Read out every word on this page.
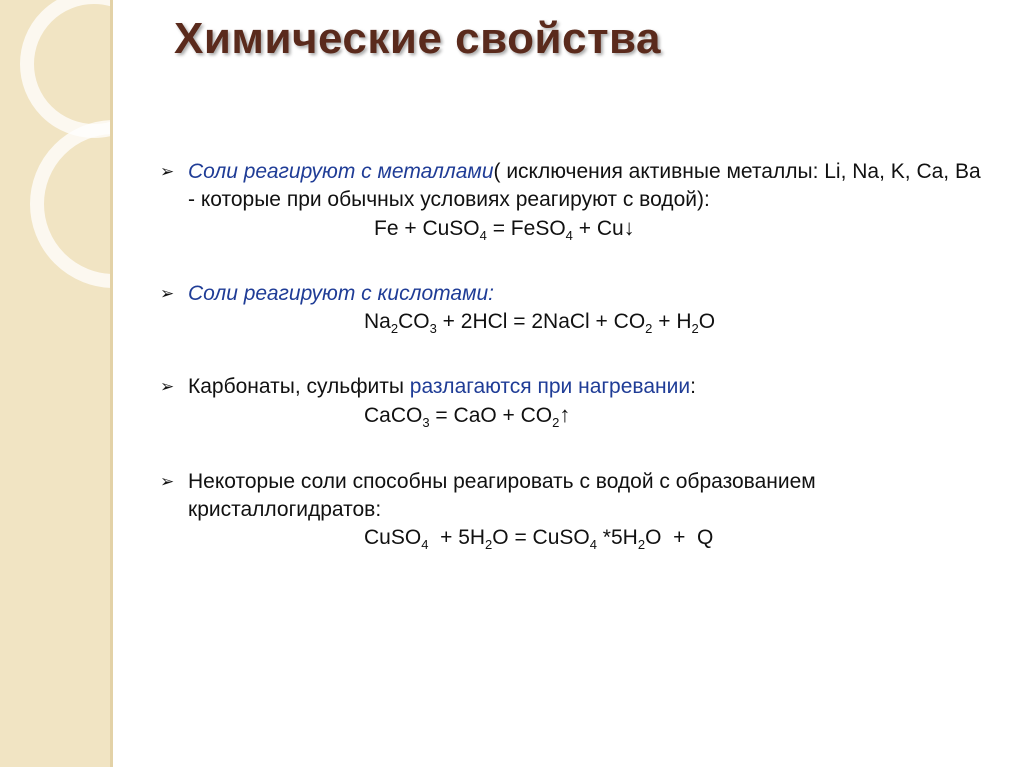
Химические свойства
➢ Соли реагируют с металлами( исключения активные металлы: Li, Na, K, Ca, Ba - которые при обычных условиях реагируют с водой):
Fe + CuSO$_4$ = FeSO$_4$ + Cu↓
➢ Соли реагируют с кислотами:
$Na_2CO_3 + 2HCl$ = 2NaCl + $CO_2 + H_2O$
➢ Карбонаты, сульфиты разлагаются при нагревании:
CaCO$_3$ = CaO + $CO_2↑$
➢ Некоторые соли способны реагировать с водой с образованием кристаллогидратов:
CuSO$_4$  + $5H_2O$ = CuSO$_4$ $*5H_2O + Q$
